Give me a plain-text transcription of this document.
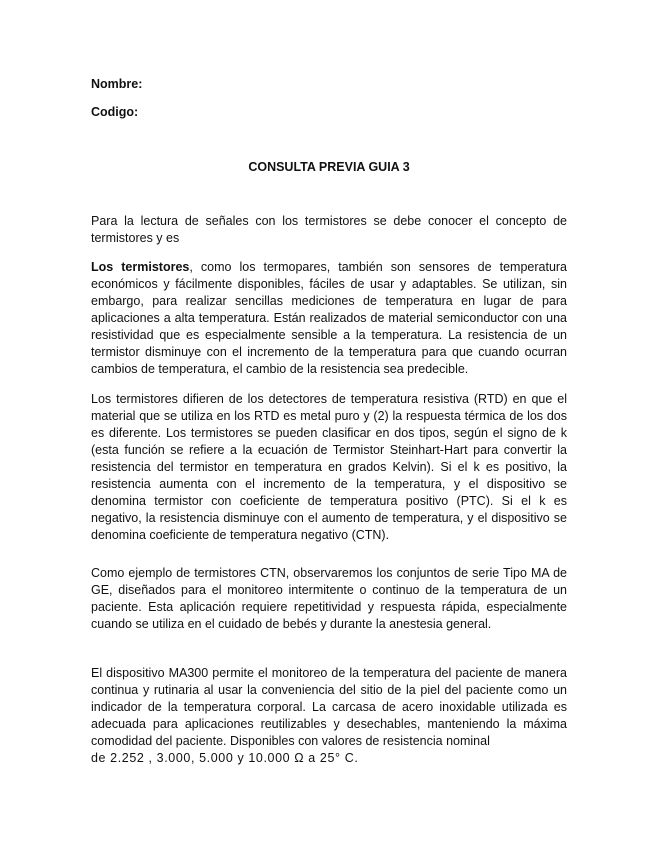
Nombre:
Codigo:
CONSULTA PREVIA GUIA 3

Para la lectura de señales con los termistores se debe conocer el concepto de termistores y es

Los termistores, como los termopares, también son sensores de temperatura económicos y fácilmente disponibles, fáciles de usar y adaptables. Se utilizan, sin embargo, para realizar sencillas mediciones de temperatura en lugar de para aplicaciones a alta temperatura. Están realizados de material semiconductor con una resistividad que es especialmente sensible a la temperatura. La resistencia de un termistor disminuye con el incremento de la temperatura para que cuando ocurran cambios de temperatura, el cambio de la resistencia sea predecible.

Los termistores difieren de los detectores de temperatura resistiva (RTD) en que el material que se utiliza en los RTD es metal puro y (2) la respuesta térmica de los dos es diferente. Los termistores se pueden clasificar en dos tipos, según el signo de k (esta función se refiere a la ecuación de Termistor Steinhart-Hart para convertir la resistencia del termistor en temperatura en grados Kelvin). Si el k es positivo, la resistencia aumenta con el incremento de la temperatura, y el dispositivo se denomina termistor con coeficiente de temperatura positivo (PTC). Si el k es negativo, la resistencia disminuye con el aumento de temperatura, y el dispositivo se denomina coeficiente de temperatura negativo (CTN).

Como ejemplo de termistores CTN, observaremos los conjuntos de serie Tipo MA de GE, diseñados para el monitoreo intermitente o continuo de la temperatura de un paciente. Esta aplicación requiere repetitividad y respuesta rápida, especialmente cuando se utiliza en el cuidado de bebés y durante la anestesia general.

El dispositivo MA300 permite el monitoreo de la temperatura del paciente de manera continua y rutinaria al usar la conveniencia del sitio de la piel del paciente como un indicador de la temperatura corporal. La carcasa de acero inoxidable utilizada es adecuada para aplicaciones reutilizables y desechables, manteniendo la máxima comodidad del paciente. Disponibles con valores de resistencia nominal
de 2.252 , 3.000, 5.000 y 10.000 Ω a 25° C.
